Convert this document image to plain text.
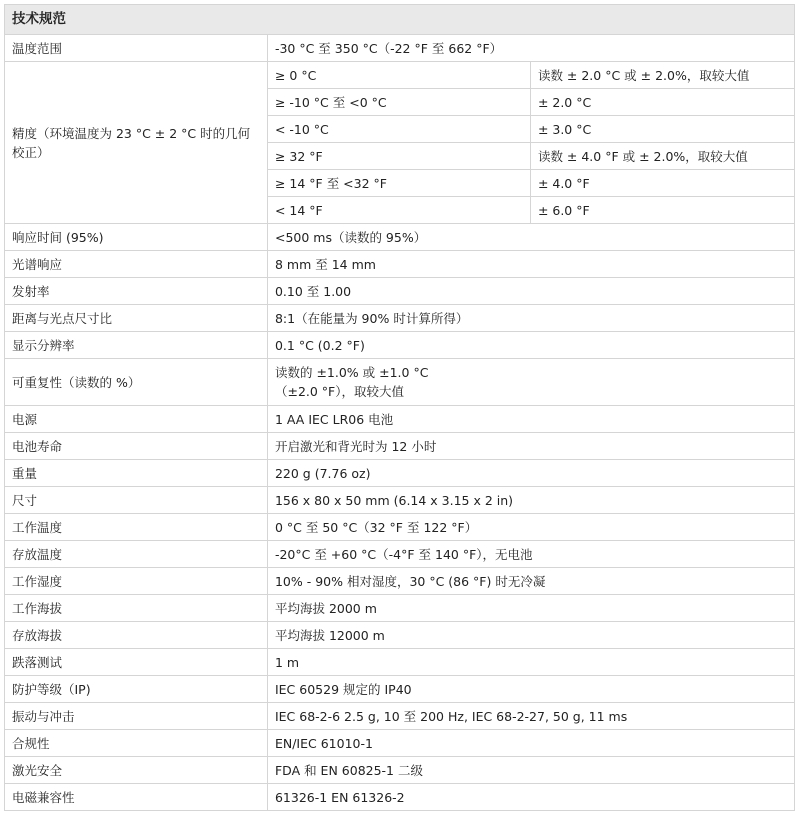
技术规范		
温度范围	-30 °C 至 350 °C（-22 °F 至 662 °F）	
精度（环境温度为 23 °C ± 2 °C 时的几何校正）	≥ 0 °C	读数 ± 2.0 °C 或 ± 2.0%，取较大值
	≥ -10 °C 至 <0 °C	± 2.0 °C
	< -10 °C	± 3.0 °C
	≥ 32 °F	读数 ± 4.0 °F 或 ± 2.0%，取较大值
	≥ 14 °F 至 <32 °F	± 4.0 °F
	< 14 °F	± 6.0 °F
响应时间 (95%)	<500 ms（读数的 95%）	
光谱响应	8 mm 至 14 mm	
发射率	0.10 至 1.00	
距离与光点尺寸比	8:1（在能量为 90% 时计算所得）	
显示分辨率	0.1 °C (0.2 °F)	
可重复性（读数的 %）	读数的 ±1.0% 或 ±1.0 °C
（±2.0 °F），取较大值	

电源	1 AA IEC LR06 电池	
电池寿命	开启激光和背光时为 12 小时	
重量	220 g (7.76 oz)	
尺寸	156 x 80 x 50 mm (6.14 x 3.15 x 2 in)	
工作温度	0 °C 至 50 °C（32 °F 至 122 °F）	
存放温度	-20°C 至 +60 °C（-4°F 至 140 °F），无电池	
工作湿度	10% - 90% 相对湿度，30 °C (86 °F) 时无冷凝	
工作海拔	平均海拔 2000 m	
存放海拔	平均海拔 12000 m	
跌落测试	1 m	
防护等级（IP)	IEC 60529 规定的 IP40	
振动与冲击	IEC 68-2-6 2.5 g, 10 至 200 Hz, IEC 68-2-27, 50 g, 11 ms	
合规性	EN/IEC 61010-1	
激光安全	FDA 和 EN 60825-1 二级	
电磁兼容性	61326-1 EN 61326-2	
